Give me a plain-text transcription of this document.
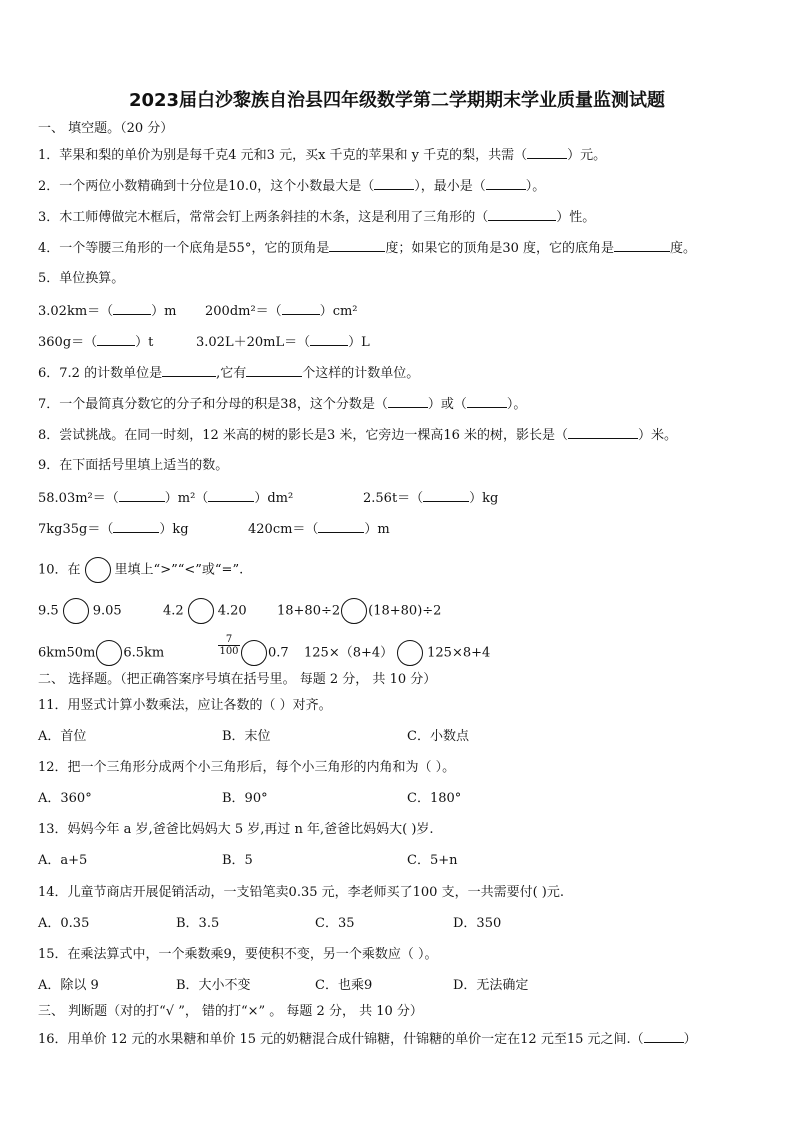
2023届白沙黎族自治县四年级数学第二学期期末学业质量监测试题
一、 填空题。（20 分）
1．苹果和梨的单价为别是每千克4 元和3 元，买x 千克的苹果和 y 千克的梨，共需（	）元。
2．一个两位小数精确到十分位是10.0，这个小数最大是（	），最小是（	）。
3．木工师傅做完木框后，常常会钉上两条斜挂的木条，这是利用了三角形的（	）性。
4．一个等腰三角形的一个底角是55°，它的顶角是	度；如果它的顶角是30 度，它的底角是	度。
5．单位换算。
3.02km＝（	）m 200dm²＝（	）cm²
360g＝（	）t	3.02L＋20mL＝（	）L
6．7.2 的计数单位是	,它有	个这样的计数单位。
7．一个最简真分数它的分子和分母的积是38，这个分数是（	）或（	）。
8．尝试挑战。在同一时刻，12 米高的树的影长是3 米，它旁边一棵高16 米的树，影长是（	）米。
9．在下面括号里填上适当的数。
58.03m²＝（	）m²（	）dm²	2.56t＝（	）kg
7kg35g＝（	）kg	420cm＝（	）m
10．在	里填上“>”“<”或“=”.
9.5	9.05	4.2	4.20 18+80÷2 (18+80)÷2
6km50m 6.5km	$\frac{7}{100}$	0.7 125×（8+4）	125×8+4
二、 选择题。（把正确答案序号填在括号里。 每题 2 分， 共 10 分）
11．用竖式计算小数乘法，应让各数的（ ）对齐。
A．首位	B．末位	C．小数点
12．把一个三角形分成两个小三角形后，每个小三角形的内角和为（ ）。
A．360°	B．90°	C．180°
13．妈妈今年 a 岁,爸爸比妈妈大 5 岁,再过 n 年,爸爸比妈妈大( )岁.
A．a+5	B．5	C．5+n
14．儿童节商店开展促销活动，一支铅笔卖0.35 元，李老师买了100 支，一共需要付( )元.
A．0.35	B．3.5	C．35	D．350
15．在乘法算式中，一个乘数乘9，要使积不变，另一个乘数应（ ）。
A．除以 9	B．大小不变	C．也乘9	D．无法确定
三、 判断题（对的打“√ ”， 错的打“×” 。 每题 2 分， 共 10 分）
16．用单价 12 元的水果糖和单价 15 元的奶糖混合成什锦糖，什锦糖的单价一定在12 元至15 元之间.（	）
